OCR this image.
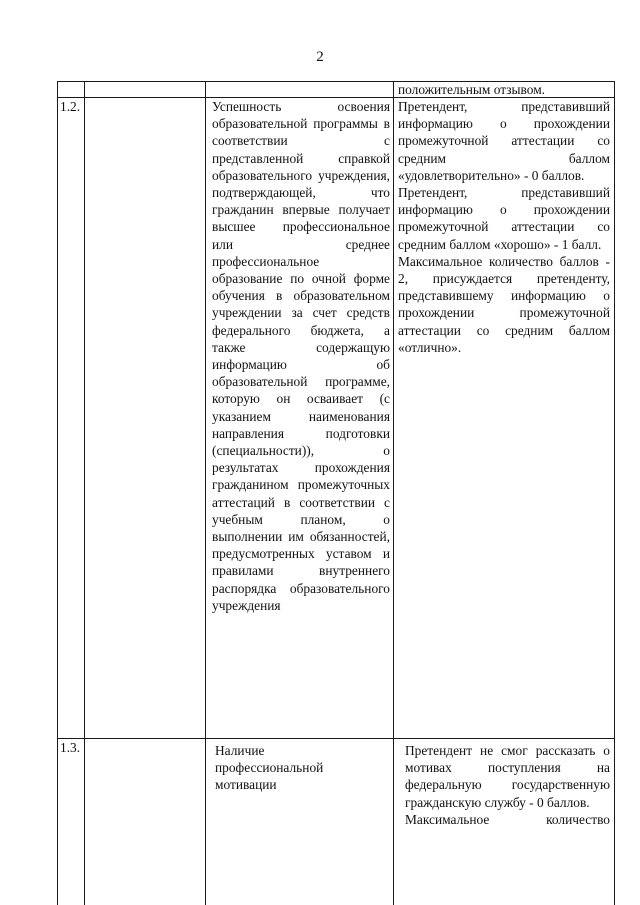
2
положительным отзывом.
1.2.	Успешность освоения образовательной программы в соответствии с представленной справкой образовательного учреждения, подтверждающей, что гражданин впервые получает высшее профессиональное или среднее профессиональное образование по очной форме обучения в образовательном учреждении за счет средств федерального бюджета, а также содержащую информацию об образовательной программе, которую он осваивает (с указанием наименования направления подготовки (специальности)), о результатах прохождения гражданином промежуточных аттестаций в соответствии с учебным планом, о выполнении им обязанностей, предусмотренных уставом и правилами внутреннего распорядка образовательного учреждения

Претендент, представивший информацию о прохождении промежуточной аттестации со средним баллом «удовлетворительно» - 0 баллов.

Претендент, представивший информацию о прохождении промежуточной аттестации со средним баллом «хорошо» - 1 балл.

Максимальное количество баллов - 2, присуждается претенденту, представившему информацию о прохождении промежуточной аттестации со средним баллом «отлично».

1.3.	Наличие профессиональной мотивации

Претендент не смог рассказать о мотивах поступления на федеральную государственную гражданскую службу - 0 баллов.

Максимальное количество
